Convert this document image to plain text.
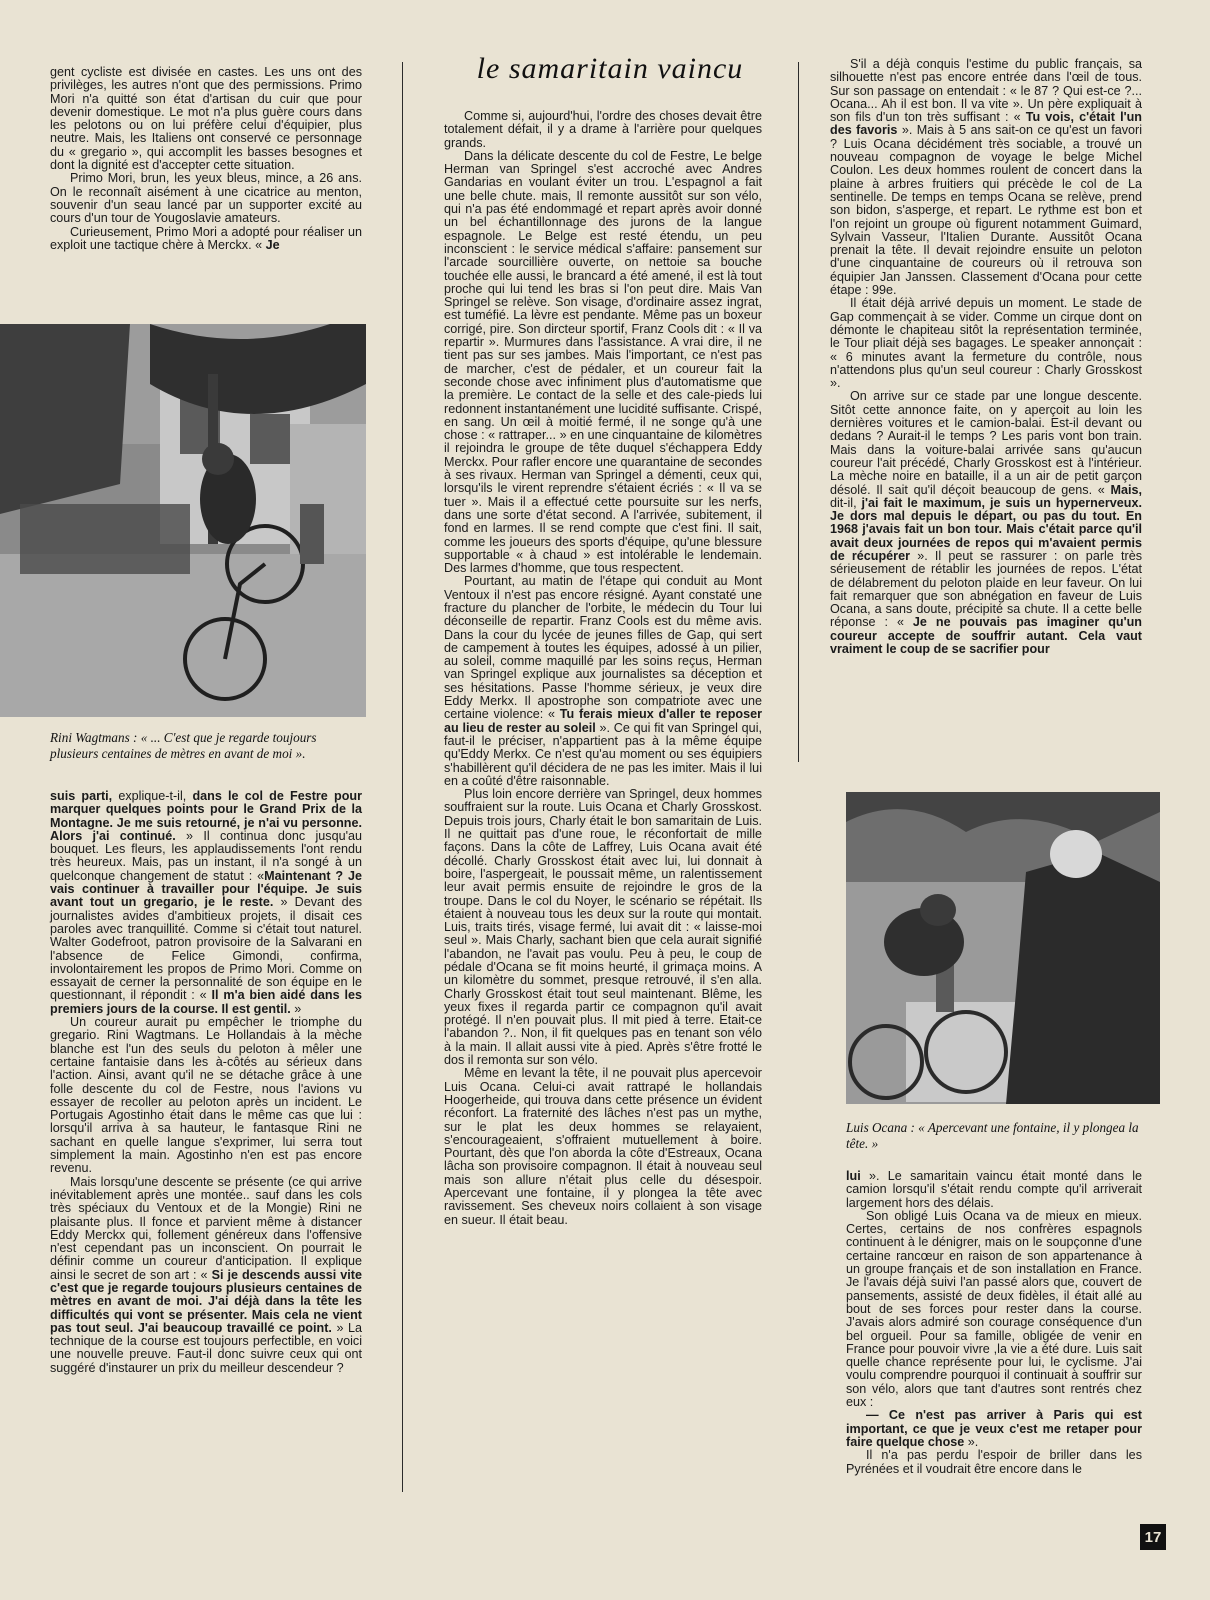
gent cycliste est divisée en castes. Les uns ont des privilèges, les autres n'ont que des permissions. Primo Mori n'a quitté son état d'artisan du cuir que pour devenir domestique. Le mot n'a plus guère cours dans les pelotons ou on lui préfère celui d'équipier, plus neutre. Mais, les Italiens ont conservé ce personnage du « gregario », qui accomplit les basses besognes et dont la dignité est d'accepter cette situation.

Primo Mori, brun, les yeux bleus, mince, a 26 ans. On le reconnaît aisément à une cicatrice au menton, souvenir d'un seau lancé par un supporter excité au cours d'un tour de Yougoslavie amateurs.

Curieusement, Primo Mori a adopté pour réaliser un exploit une tactique chère à Merckx. « Je

Rini Wagtmans : « ... C'est que je regarde toujours plusieurs centaines de mètres en avant de moi ».

suis parti, explique-t-il, dans le col de Festre pour marquer quelques points pour le Grand Prix de la Montagne. Je me suis retourné, je n'ai vu personne. Alors j'ai continué. » Il continua donc jusqu'au bouquet. Les fleurs, les applaudissements l'ont rendu très heureux. Mais, pas un instant, il n'a songé à un quelconque changement de statut : «Maintenant ? Je vais continuer à travailler pour l'équipe. Je suis avant tout un gregario, je le reste. » Devant des journalistes avides d'ambitieux projets, il disait ces paroles avec tranquillité. Comme si c'était tout naturel. Walter Godefroot, patron provisoire de la Salvarani en l'absence de Felice Gimondi, confirma, involontairement les propos de Primo Mori. Comme on essayait de cerner la personnalité de son équipe en le questionnant, il répondit : « Il m'a bien aidé dans les premiers jours de la course. Il est gentil. »

Un coureur aurait pu empêcher le triomphe du gregario. Rini Wagtmans. Le Hollandais à la mèche blanche est l'un des seuls du peloton à mêler une certaine fantaisie dans les à-côtés au sérieux dans l'action. Ainsi, avant qu'il ne se détache grâce à une folle descente du col de Festre, nous l'avions vu essayer de recoller au peloton après un incident. Le Portugais Agostinho était dans le même cas que lui : lorsqu'il arriva à sa hauteur, le fantasque Rini ne sachant en quelle langue s'exprimer, lui serra tout simplement la main. Agostinho n'en est pas encore revenu.

Mais lorsqu'une descente se présente (ce qui arrive inévitablement après une montée.. sauf dans les cols très spéciaux du Ventoux et de la Mongie) Rini ne plaisante plus. Il fonce et parvient même à distancer Eddy Merckx qui, follement généreux dans l'offensive n'est cependant pas un inconscient. On pourrait le définir comme un coureur d'anticipation. Il explique ainsi le secret de son art : « Si je descends aussi vite c'est que je regarde toujours plusieurs centaines de mètres en avant de moi. J'ai déjà dans la tête les difficultés qui vont se présenter. Mais cela ne vient pas tout seul. J'ai beaucoup travaillé ce point. » La technique de la course est toujours perfectible, en voici une nouvelle preuve. Faut-il donc suivre ceux qui ont suggéré d'instaurer un prix du meilleur descendeur ?

le samaritain vaincu

Comme si, aujourd'hui, l'ordre des choses devait être totalement défait, il y a drame à l'arrière pour quelques grands.

Dans la délicate descente du col de Festre, Le belge Herman van Springel s'est accroché avec Andres Gandarias en voulant éviter un trou. L'espagnol a fait une belle chute. mais, Il remonte aussitôt sur son vélo, qui n'a pas été endommagé et repart après avoir donné un bel échantillonnage des jurons de la langue espagnole. Le Belge est resté étendu, un peu inconscient : le service médical s'affaire: pansement sur l'arcade sourcillière ouverte, on nettoie sa bouche touchée elle aussi, le brancard a été amené, il est là tout proche qui lui tend les bras si l'on peut dire. Mais Van Springel se relève. Son visage, d'ordinaire assez ingrat, est tuméfié. La lèvre est pendante. Même pas un boxeur corrigé, pire. Son dircteur sportif, Franz Cools dit : « Il va repartir ». Murmures dans l'assistance. A vrai dire, il ne tient pas sur ses jambes. Mais l'important, ce n'est pas de marcher, c'est de pédaler, et un coureur fait la seconde chose avec infiniment plus d'automatisme que la première. Le contact de la selle et des cale-pieds lui redonnent instantanément une lucidité suffisante. Crispé, en sang. Un œil à moitié fermé, il ne songe qu'à une chose : « rattraper... » en une cinquantaine de kilomètres il rejoindra le groupe de tête duquel s'échappera Eddy Merckx. Pour rafler encore une quarantaine de secondes à ses rivaux. Herman van Springel a démenti, ceux qui, lorsqu'ils le virent reprendre s'étaient écriés : « Il va se tuer ». Mais il a effectué cette poursuite sur les nerfs, dans une sorte d'état second. A l'arrivée, subitement, il fond en larmes. Il se rend compte que c'est fini. Il sait, comme les joueurs des sports d'équipe, qu'une blessure supportable « à chaud » est intolérable le lendemain. Des larmes d'homme, que tous respectent.

Pourtant, au matin de l'étape qui conduit au Mont Ventoux il n'est pas encore résigné. Ayant constaté une fracture du plancher de l'orbite, le médecin du Tour lui déconseille de repartir. Franz Cools est du même avis. Dans la cour du lycée de jeunes filles de Gap, qui sert de campement à toutes les équipes, adossé à un pilier, au soleil, comme maquillé par les soins reçus, Herman van Springel explique aux journalistes sa déception et ses hésitations. Passe l'homme sérieux, je veux dire Eddy Merkx. Il apostrophe son compatriote avec une certaine violence: « Tu ferais mieux d'aller te reposer au lieu de rester au soleil ». Ce qui fit van Springel qui, faut-il le préciser, n'appartient pas à la même équipe qu'Eddy Merkx. Ce n'est qu'au moment ou ses équipiers s'habillèrent qu'il décidera de ne pas les imiter. Mais il lui en a coûté d'être raisonnable.

Plus loin encore derrière van Springel, deux hommes souffraient sur la route. Luis Ocana et Charly Grosskost. Depuis trois jours, Charly était le bon samaritain de Luis. Il ne quittait pas d'une roue, le réconfortait de mille façons. Dans la côte de Laffrey, Luis Ocana avait été décollé. Charly Grosskost était avec lui, lui donnait à boire, l'aspergeait, le poussait même, un ralentissement leur avait permis ensuite de rejoindre le gros de la troupe. Dans le col du Noyer, le scénario se répétait. Ils étaient à nouveau tous les deux sur la route qui montait. Luis, traits tirés, visage fermé, lui avait dit : « laisse-moi seul ». Mais Charly, sachant bien que cela aurait signifié l'abandon, ne l'avait pas voulu. Peu à peu, le coup de pédale d'Ocana se fit moins heurté, il grimaça moins. A un kilomètre du sommet, presque retrouvé, il s'en alla. Charly Grosskost était tout seul maintenant. Blême, les yeux fixes il regarda partir ce compagnon qu'il avait protégé. Il n'en pouvait plus. Il mit pied à terre. Etait-ce l'abandon ?.. Non, il fit quelques pas en tenant son vélo à la main. Il allait aussi vite à pied. Après s'être frotté le dos il remonta sur son vélo.

Même en levant la tête, il ne pouvait plus apercevoir Luis Ocana. Celui-ci avait rattrapé le hollandais Hoogerheide, qui trouva dans cette présence un évident réconfort. La fraternité des lâches n'est pas un mythe, sur le plat les deux hommes se relayaient, s'encourageaient, s'offraient mutuellement à boire. Pourtant, dès que l'on aborda la côte d'Estreaux, Ocana lâcha son provisoire compagnon. Il était à nouveau seul mais son allure n'était plus celle du désespoir. Apercevant une fontaine, il y plongea la tête avec ravissement. Ses cheveux noirs collaient à son visage en sueur. Il était beau.

S'il a déjà conquis l'estime du public français, sa silhouette n'est pas encore entrée dans l'œil de tous. Sur son passage on entendait : « le 87 ? Qui est-ce ?... Ocana... Ah il est bon. Il va vite ». Un père expliquait à son fils d'un ton très suffisant : « Tu vois, c'était l'un des favoris ». Mais à 5 ans sait-on ce qu'est un favori ? Luis Ocana décidément très sociable, a trouvé un nouveau compagnon de voyage le belge Michel Coulon. Les deux hommes roulent de concert dans la plaine à arbres fruitiers qui précède le col de La sentinelle. De temps en temps Ocana se relève, prend son bidon, s'asperge, et repart. Le rythme est bon et l'on rejoint un groupe où figurent notamment Guimard, Sylvain Vasseur, l'Italien Durante. Aussitôt Ocana prenait la tête. Il devait rejoindre ensuite un peloton d'une cinquantaine de coureurs où il retrouva son équipier Jan Janssen. Classement d'Ocana pour cette étape : 99e.

Il était déjà arrivé depuis un moment. Le stade de Gap commençait à se vider. Comme un cirque dont on démonte le chapiteau sitôt la représentation terminée, le Tour pliait déjà ses bagages. Le speaker annonçait : « 6 minutes avant la fermeture du contrôle, nous n'attendons plus qu'un seul coureur : Charly Grosskost ».

On arrive sur ce stade par une longue descente. Sitôt cette annonce faite, on y aperçoit au loin les dernières voitures et le camion-balai. Est-il devant ou dedans ? Aurait-il le temps ? Les paris vont bon train. Mais dans la voiture-balai arrivée sans qu'aucun coureur l'ait précédé, Charly Grosskost est à l'intérieur. La mèche noire en bataille, il a un air de petit garçon désolé. Il sait qu'il déçoit beaucoup de gens. « Mais, dit-il, j'ai fait le maximum, je suis un hypernerveux. Je dors mal depuis le départ, ou pas du tout. En 1968 j'avais fait un bon tour. Mais c'était parce qu'il avait deux journées de repos qui m'avaient permis de récupérer ». Il peut se rassurer : on parle très sérieusement de rétablir les journées de repos. L'état de délabrement du peloton plaide en leur faveur. On lui fait remarquer que son abnégation en faveur de Luis Ocana, a sans doute, précipité sa chute. Il a cette belle réponse : « Je ne pouvais pas imaginer qu'un coureur accepte de souffrir autant. Cela vaut vraiment le coup de se sacrifier pour

Luis Ocana : « Apercevant une fontaine, il y plongea la tête. »

lui ». Le samaritain vaincu était monté dans le camion lorsqu'il s'était rendu compte qu'il arriverait largement hors des délais.

Son obligé Luis Ocana va de mieux en mieux. Certes, certains de nos confrères espagnols continuent à le dénigrer, mais on le soupçonne d'une certaine rancœur en raison de son appartenance à un groupe français et de son installation en France. Je l'avais déjà suivi l'an passé alors que, couvert de pansements, assisté de deux fidèles, il était allé au bout de ses forces pour rester dans la course. J'avais alors admiré son courage conséquence d'un bel orgueil. Pour sa famille, obligée de venir en France pour pouvoir vivre ,la vie a été dure. Luis sait quelle chance représente pour lui, le cyclisme. J'ai voulu comprendre pourquoi il continuait à souffrir sur son vélo, alors que tant d'autres sont rentrés chez eux :

— Ce n'est pas arriver à Paris qui est important, ce que je veux c'est me retaper pour faire quelque chose ».

Il n'a pas perdu l'espoir de briller dans les Pyrénées et il voudrait être encore dans le

17
